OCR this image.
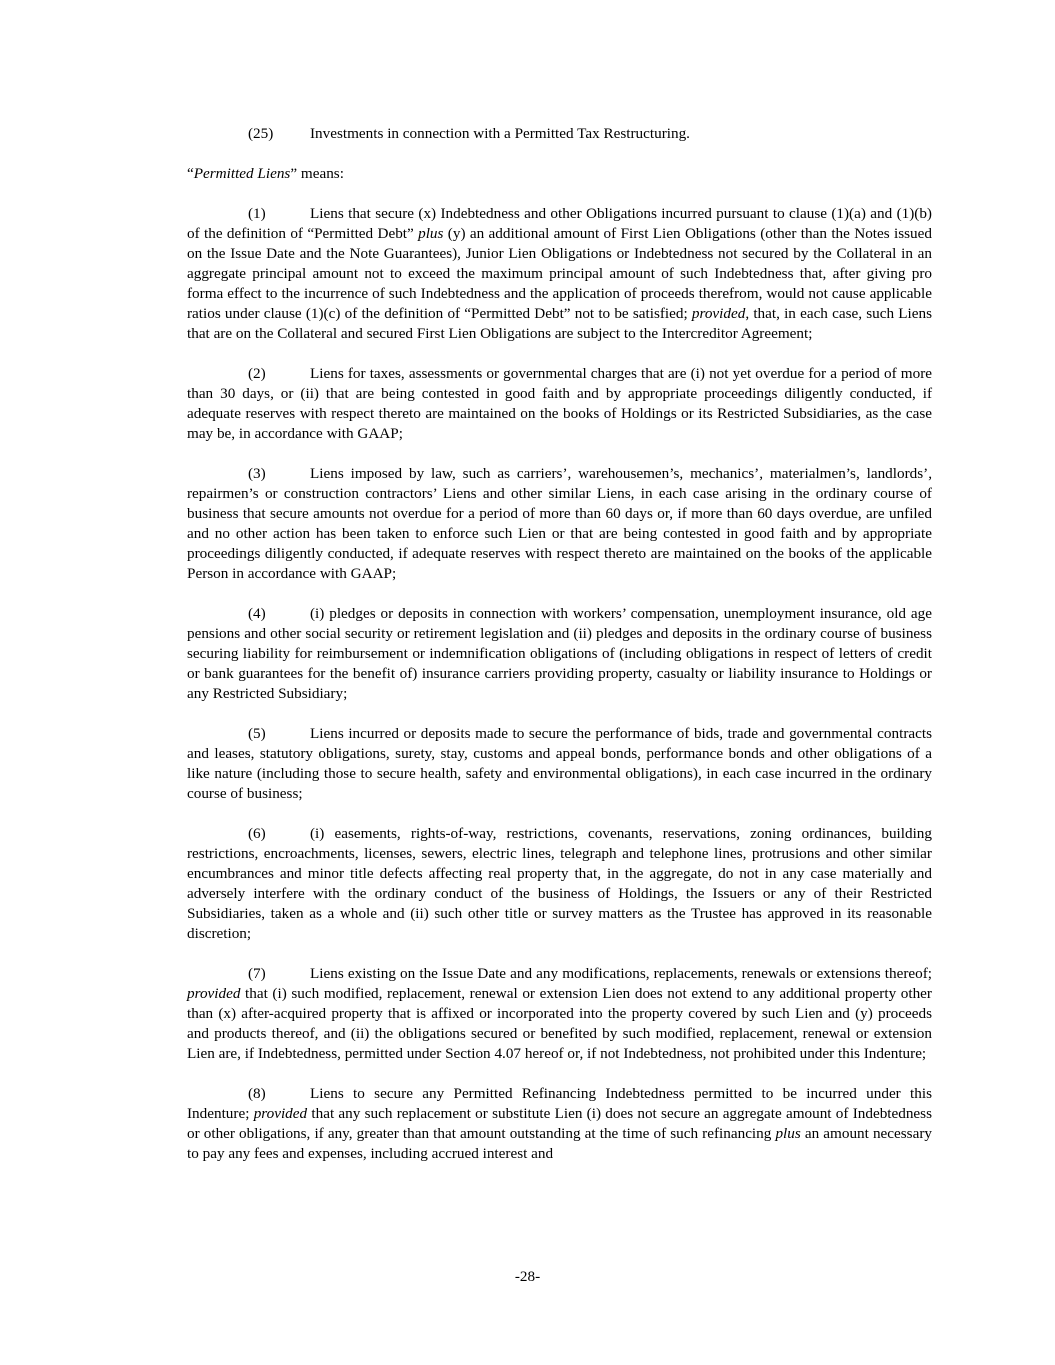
(25) Investments in connection with a Permitted Tax Restructuring.

“Permitted Liens” means:

(1)	Liens that secure (x) Indebtedness and other Obligations incurred pursuant to clause (1)(a) and (1)(b) of the definition of “Permitted Debt” plus (y) an additional amount of First Lien Obligations (other than the Notes issued on the Issue Date and the Note Guarantees), Junior Lien Obligations or Indebtedness not secured by the Collateral in an aggregate principal amount not to exceed the maximum principal amount of such Indebtedness that, after giving pro forma effect to the incurrence of such Indebtedness and the application of proceeds therefrom, would not cause applicable ratios under clause (1)(c) of the definition of “Permitted Debt” not to be satisfied; provided, that, in each case, such Liens that are on the Collateral and secured First Lien Obligations are subject to the Intercreditor Agreement;

(2)	Liens for taxes, assessments or governmental charges that are (i) not yet overdue for a period of more than 30 days, or (ii) that are being contested in good faith and by appropriate proceedings diligently conducted, if adequate reserves with respect thereto are maintained on the books of Holdings or its Restricted Subsidiaries, as the case may be, in accordance with GAAP;

(3)	Liens imposed by law, such as carriers’, warehousemen’s, mechanics’, materialmen’s, landlords’, repairmen’s or construction contractors’ Liens and other similar Liens, in each case arising in the ordinary course of business that secure amounts not overdue for a period of more than 60 days or, if more than 60 days overdue, are unfiled and no other action has been taken to enforce such Lien or that are being contested in good faith and by appropriate proceedings diligently conducted, if adequate reserves with respect thereto are maintained on the books of the applicable Person in accordance with GAAP;

(4)	(i) pledges or deposits in connection with workers’ compensation, unemployment insurance, old age pensions and other social security or retirement legislation and (ii) pledges and deposits in the ordinary course of business securing liability for reimbursement or indemnification obligations of (including obligations in respect of letters of credit or bank guarantees for the benefit of) insurance carriers providing property, casualty or liability insurance to Holdings or any Restricted Subsidiary;

(5)	Liens incurred or deposits made to secure the performance of bids, trade and governmental contracts and leases, statutory obligations, surety, stay, customs and appeal bonds, performance bonds and other obligations of a like nature (including those to secure health, safety and environmental obligations), in each case incurred in the ordinary course of business;

(6)	(i) easements, rights-of-way, restrictions, covenants, reservations, zoning ordinances, building restrictions, encroachments, licenses, sewers, electric lines, telegraph and telephone lines, protrusions and other similar encumbrances and minor title defects affecting real property that, in the aggregate, do not in any case materially and adversely interfere with the ordinary conduct of the business of Holdings, the Issuers or any of their Restricted Subsidiaries, taken as a whole and (ii) such other title or survey matters as the Trustee has approved in its reasonable discretion;

(7)	Liens existing on the Issue Date and any modifications, replacements, renewals or extensions thereof; provided that (i) such modified, replacement, renewal or extension Lien does not extend to any additional property other than (x) after-acquired property that is affixed or incorporated into the property covered by such Lien and (y) proceeds and products thereof, and (ii) the obligations secured or benefited by such modified, replacement, renewal or extension Lien are, if Indebtedness, permitted under Section 4.07 hereof or, if not Indebtedness, not prohibited under this Indenture;

(8)	Liens to secure any Permitted Refinancing Indebtedness permitted to be incurred under this Indenture; provided that any such replacement or substitute Lien (i) does not secure an aggregate amount of Indebtedness or other obligations, if any, greater than that amount outstanding at the time of such refinancing plus an amount necessary to pay any fees and expenses, including accrued interest and

-28-
